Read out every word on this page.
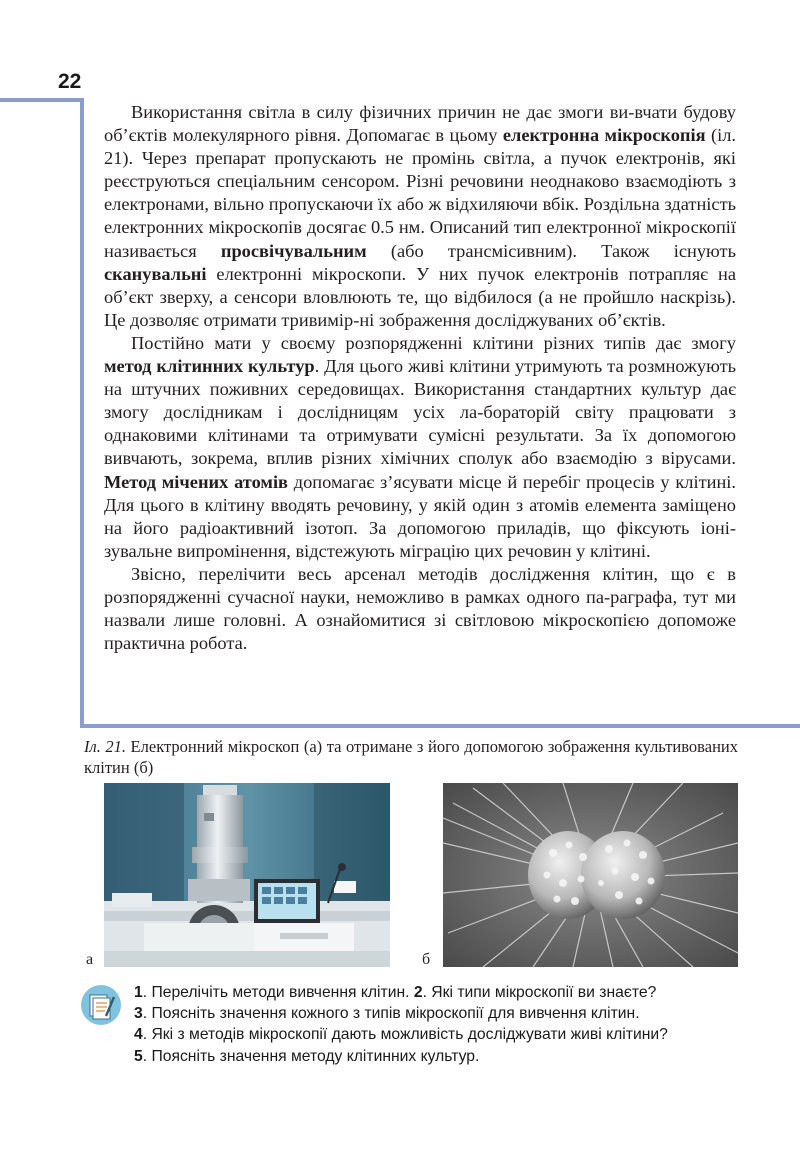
22

Використання світла в силу фізичних причин не дає змоги ви-вчати будову об’єктів молекулярного рівня. Допомагає в цьому електронна мікроскопія (іл. 21). Через препарат пропускають не промінь світла, а пучок електронів, які реєструються спеціальним сенсором. Різні речовини неоднаково взаємодіють з електронами, вільно пропускаючи їх або ж відхиляючи вбік. Роздільна здатність електронних мікроскопів досягає 0.5 нм. Описаний тип електронної мікроскопії називається просвічувальним (або трансмісивним). Також існують сканувальні електронні мікроскопи. У них пучок електронів потрапляє на об’єкт зверху, а сенсори вловлюють те, що відбилося (а не пройшло наскрізь). Це дозволяє отримати тривимір-ні зображення досліджуваних об’єктів.

Постійно мати у своєму розпорядженні клітини різних типів дає змогу метод клітинних культур. Для цього живі клітини утримують та розмножують на штучних поживних середовищах. Використання стандартних культур дає змогу дослідникам і дослідницям усіх ла-бораторій світу працювати з однаковими клітинами та отримувати сумісні результати. За їх допомогою вивчають, зокрема, вплив різних хімічних сполук або взаємодію з вірусами. Метод мічених атомів допомагає з’ясувати місце й перебіг процесів у клітині. Для цього в клітину вводять речовину, у якій один з атомів елемента заміщено на його радіоактивний ізотоп. За допомогою приладів, що фіксують іоні-зувальне випромінення, відстежують міграцію цих речовин у клітині.

Звісно, перелічити весь арсенал методів дослідження клітин, що є в розпорядженні сучасної науки, неможливо в рамках одного па-раграфа, тут ми назвали лише головні. А ознайомитися зі світловою мікроскопією допоможе практична робота.

Іл. 21. Електронний мікроскоп (а) та отримане з його допомогою зображення культивованих клітин (б)
а	б
1. Перелічіть методи вивчення клітин. 2. Які типи мікроскопії ви знаєте?
3. Поясніть значення кожного з типів мікроскопії для вивчення клітин.
4. Які з методів мікроскопії дають можливість досліджувати живі клітини?
5. Поясніть значення методу клітинних культур.
